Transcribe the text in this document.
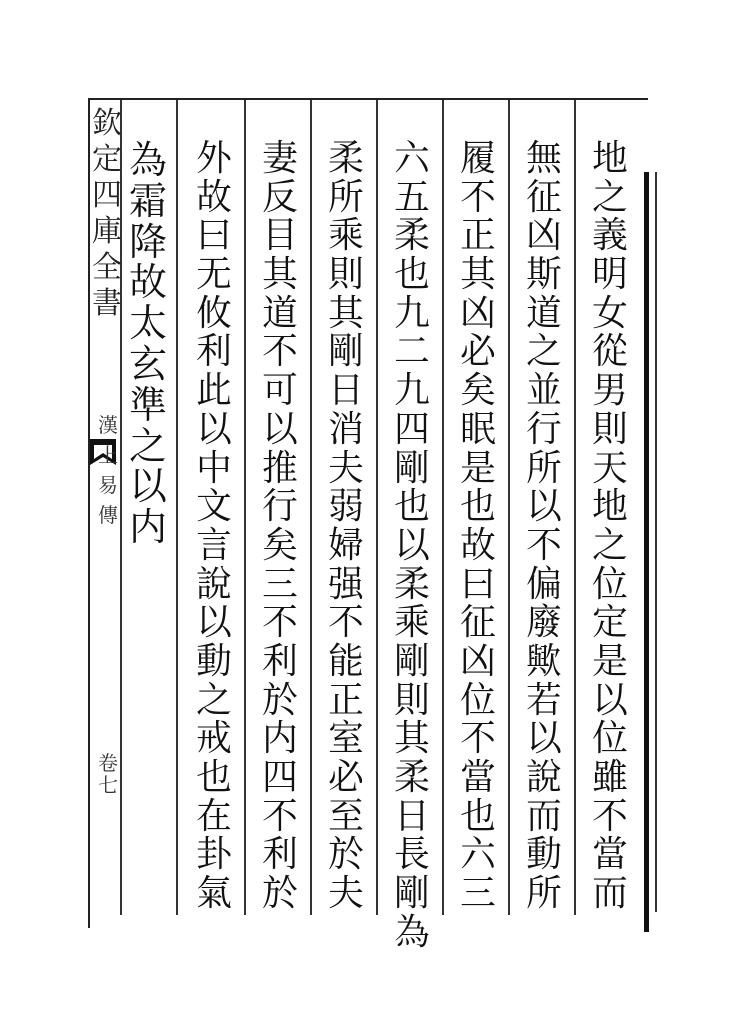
欽
定
四
庫
全
書
漢
上
易
傳
卷
七
地
之
義
明
女
從
男
則
天
地
之
位
定
是
以
位
雖
不
當
而
無
征
凶
斯
道
之
並
行
所
以
不
偏
廢
歟
若
以
說
而
動
所
履
不
正
其
凶
必
矣
眠
是
也
故
曰
征
凶
位
不
當
也
六
三
六
五
柔
也
九
二
九
四
剛
也
以
柔
乘
剛
則
其
柔
日
長
剛
為
柔
所
乘
則
其
剛
日
消
夫
弱
婦
强
不
能
正
室
必
至
於
夫
妻
反
目
其
道
不
可
以
推
行
矣
三
不
利
於
内
四
不
利
於
外
故
曰
无
攸
利
此
以
中
文
言
說
以
動
之
戒
也
在
卦
氣
為
霜
降
故
太
玄
準
之
以
内
